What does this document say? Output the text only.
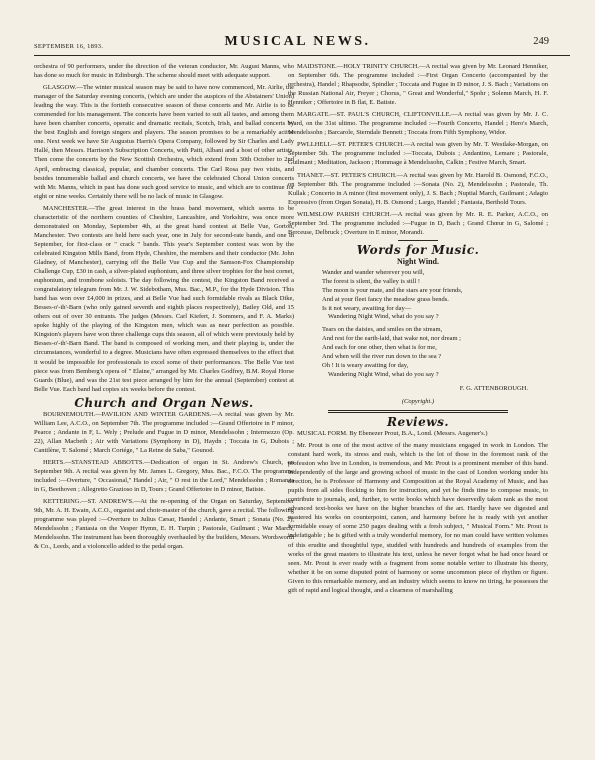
SEPTEMBER 16, 1893.	MUSICAL NEWS.	249

orchestra of 90 performers, under the direction of the veteran conductor, Mr. August Manns, who has done so much for music in Edinburgh. The scheme should meet with adequate support.

GLASGOW.—The winter musical season may be said to have now commenced, Mr. Airlie, the manager of the Saturday evening concerts, (which are under the auspices of the Abstainers' Union) leading the way. This is the fortieth consecutive season of these concerts and Mr. Airlie is to be commended for his management. The concerts have been varied to suit all tastes, and among them have been chamber concerts, operatic and dramatic recitals, Scotch, Irish, and ballad concerts by the best English and foreign singers and players. The season promises to be a remarkably active one. Next week we have Sir Augustus Harris's Opera Company, followed by Sir Charles and Lady Hallé, then Messrs. Harrison's Subscription Concerts, with Patti, Albani and a host of other artists. Then come the concerts by the New Scottish Orchestra, which extend from 30th October to 2nd April, embracing classical, popular, and chamber concerts. The Carl Rosa pay two visits, and besides innumerable ballad and church concerts, we have the celebrated Choral Union concerts with Mr. Manns, which in past has done such good service to music, and which are to continue for eight or nine weeks. Certainly there will be no lack of music in Glasgow.

MANCHESTER.—The great interest in the brass band movement, which seems to be characteristic of the northern counties of Cheshire, Lancashire, and Yorkshire, was once more demonstrated on Monday, September 4th, at the great band contest at Belle Vue, Gorton, Manchester. Two contests are held here each year, one in July for second-rate bands, and one in September, for first-class or " crack " bands. This year's September contest was won by the celebrated Kingston Mills Band, from Hyde, Cheshire, the members and their conductor (Mr. John Gladney, of Manchester), carrying off the Belle Vue Cup and the Samson-Fox Championship Challenge Cup, £30 in cash, a silver-plated euphonium, and three silver trophies for the best cornet, euphonium, and trombone soloists. The day following the contest, the Kingston Band received a congratulatory telegram from Mr. J. W. Sidebotham, Mus. Bac., M.P., for the Hyde Division. This band has won over £4,000 in prizes, and at Belle Vue had such formidable rivals as Black Dike, Besses-o'-th'-Barn (who only gained seventh and eighth places respectively), Batley Old, and 15 others out of over 30 entrants. The judges (Messrs. Carl Kiefert, J. Sommers, and F. A. Marks) spoke highly of the playing of the Kingston men, which was as near perfection as possible. Kingston's players have won three challenge cups this season, all of which were previously held by Besses-o'-th'-Barn Band. The band is composed of working men, and their playing is, under the circumstances, wonderful to a degree. Musicians have often expressed themselves to the effect that it would be impossible for professionals to excel some of their performances. The Belle Vue test piece was from Bemberg's opera of " Elaine," arranged by Mr. Charles Godfrey, B.M. Royal Horse Guards (Blue), and was the 21st test piece arranged by him for the annual (September) contest at Belle Vue. Each band had copies six weeks before the contest.

Church and Organ News.

BOURNEMOUTH.—PAVILION AND WINTER GARDENS.—A recital was given by Mr. William Lee, A.C.O., on September 7th. The programme included :—Grand Offertoire in F minor, Pearce ; Andante in F, L. Wely ; Prelude and Fugue in D minor, Mendelssohn ; Intermezzo (Op. 22), Allan Macbeth ; Air with Variations (Symphony in D), Haydn ; Toccata in G, Dubois ; Cantilène, T. Salomé ; March Cortége, " La Reine de Saba," Gounod.

HERTS.—STANSTEAD ABBOTTS.—Dedication of organ in St. Andrew's Church, on September 9th. A recital was given by Mr. James L. Gregory, Mus. Bac., F.C.O. The programme included :—Overture, " Occasional," Handel ; Air, " O rest in the Lord," Mendelssohn ; Romanza in G, Beethoven ; Allegretto Grazioso in D, Tours ; Grand Offertoire in D minor, Batiste.

KETTERING.—ST. ANDREW'S.—At the re-opening of the Organ on Saturday, September 9th, Mr. A. H. Ewain, A.C.O., organist and choir-master of the church, gave a recital. The following programme was played :—Overture to Julius Cæsar, Handel ; Andante, Smart ; Sonata (No. 2), Mendelssohn ; Fantasia on the Vesper Hymn, E. H. Turpin ; Pastorale, Guilmant ; War March, Mendelssohn. The instrument has been thoroughly overhauled by the builders, Messrs. Wordsworth & Co., Leeds, and a violoncello added to the pedal organ.

MAIDSTONE.—HOLY TRINITY CHURCH.—A recital was given by Mr. Leonard Henniker, on September 6th. The programme included :—First Organ Concerto (accompanied by the orchestra), Handel ; Rhapsodie, Spindler ; Toccata and Fugue in D minor, J. S. Bach ; Variations on the Russian National Air, Freyer ; Chorus, " Great and Wonderful," Spohr ; Solemn March, H. F. Henniker ; Offertoire in B flat, E. Batiste.

MARGATE.—ST. PAUL'S CHURCH, CLIFTONVILLE.—A recital was given by Mr. J. C. Ward, on the 31st ultimo. The programme included :—Fourth Concerto, Handel ; Hero's March, Mendelssohn ; Barcarole, Sterndale Bennett ; Toccata from Fifth Symphony, Widor.

PWLLHELI.—ST. PETER'S CHURCH.—A recital was given by Mr. T. Westlake-Morgan, on September 5th. The programme included :—Toccata, Dubois ; Andantino, Lemare ; Pastorale, Guilmant ; Meditation, Jackson ; Hommage à Mendelssohn, Calkin ; Festive March, Smart.

THANET.—ST. PETER'S CHURCH.—A recital was given by Mr. Harold B. Osmond, F.C.O., on September 8th. The programme included :—Sonata (No. 2), Mendelssohn ; Pastorale, Th. Kullak ; Concerto in A minor (first movement only), J. S. Bach ; Nuptial March, Guilmant ; Adagio Expressivo (from Organ Sonata), H. B. Osmond ; Largo, Handel ; Fantasia, Berthold Tours.

WILMSLOW PARISH CHURCH.—A recital was given by Mr. R. E. Parker, A.C.O., on September 3rd. The programme included :—Fugue in D, Bach ; Grand Chœur in G, Salomé ; Berceuse, Delbruck ; Overture in E minor, Morandi.

Words for Music.
Night Wind.

Wander and wander wherever you will,

The forest is silent, the valley is still !

The moon is your mate, and the stars are your friends,

And at your fleet fancy the meadow grass bends.

Is it not weary, awaiting for day—

Wandering Night Wind, what do you say ?

Tears on the daisies, and smiles on the stream,

And rest for the earth-laid, that wake not, nor dream ;

And each for one other, then what is for me,

And when will the river run down to the sea ?

Oh ! It is weary awaiting for day,

Wandering Night Wind, what do you say ?

F. G. ATTENBOROUGH.
(Copyright.)
Reviews.

MUSICAL FORM. By Ebenezer Prout, B.A., Lond. (Messrs. Augener's.)

Mr. Prout is one of the most active of the many musicians engaged in work in London. The constant hard work, its stress and rush, which is the lot of those in the foremost rank of the profession who live in London, is tremendous, and Mr. Prout is a prominent member of this band. Independently of the large and growing school of music in the cast of London working under his direction, he is Professor of Harmony and Composition at the Royal Academy of Music, and has pupils from all sides flocking to him for instruction, and yet he finds time to compose music, to contribute to journals, and, further, to write books which have deservedly taken rank as the most advanced text-books we have on the higher branches of the art. Hardly have we digested and mastered his works on counterpoint, canon, and harmony before he is ready with yet another formidable essay of some 250 pages dealing with a fresh subject, " Musical Form." Mr. Prout is indefatigable ; he is gifted with a truly wonderful memory, for no man could have written volumes of this erudite and thoughtful type, studded with hundreds and hundreds of examples from the works of the great masters to illustrate his text, unless he never forgot what he had once heard or seen. Mr. Prout is ever ready with a fragment from some notable writer to illustrate his theory, whether it be on some disputed point of harmony or some uncommon piece of rhythm or figure. Given to this remarkable memory, and an industry which seems to know no tiring, he possesses the gift of rapid and logical thought, and a clearness of marshalling
